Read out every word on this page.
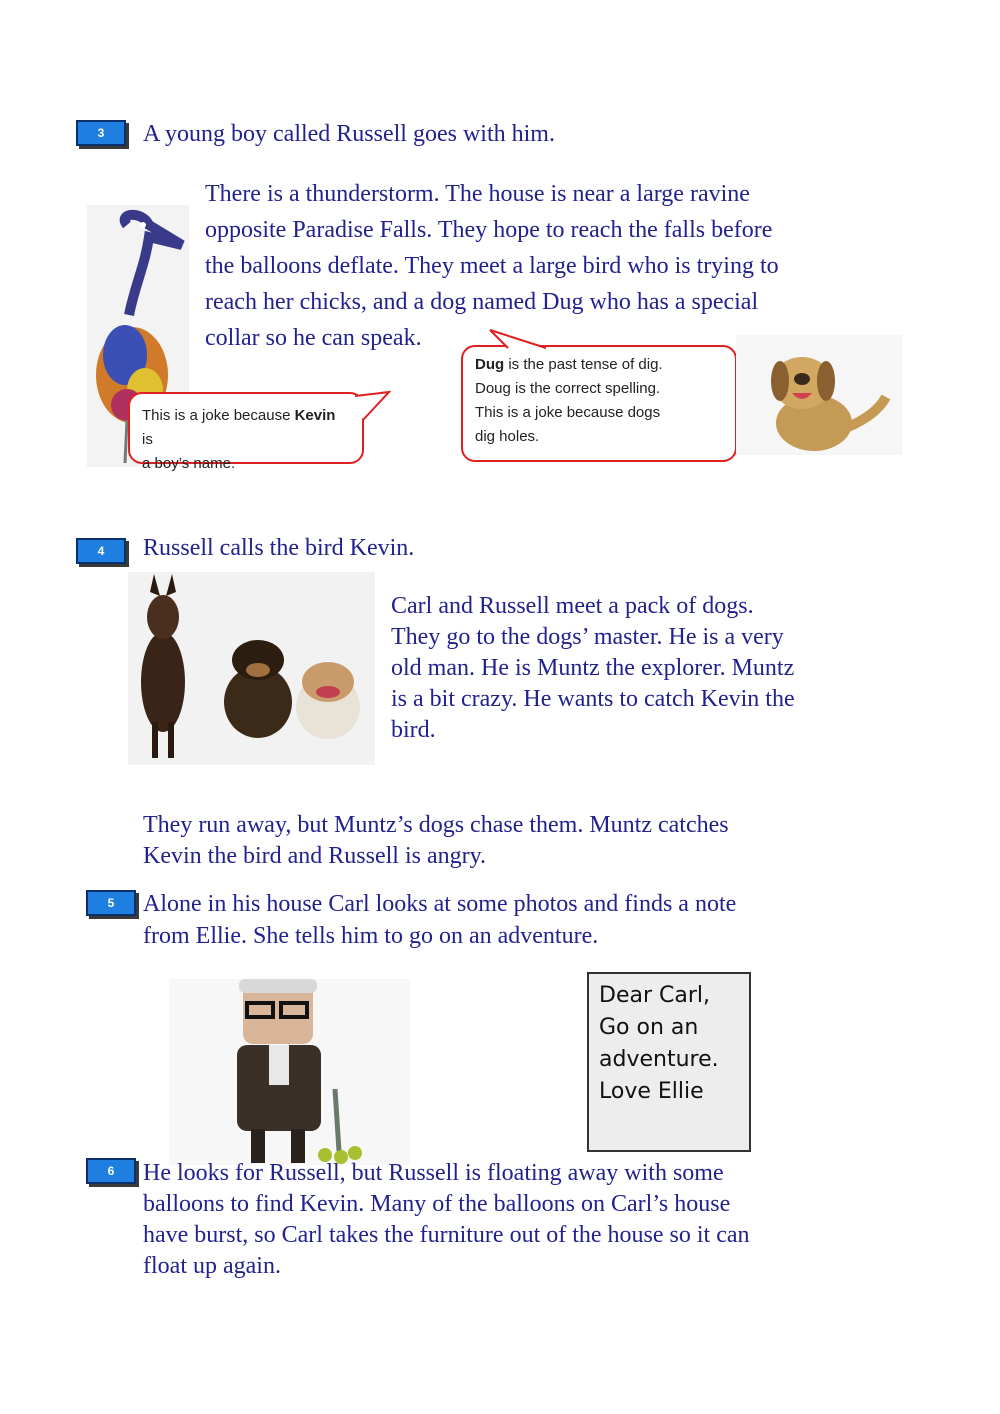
3	A young boy called Russell goes with him.
There is a thunderstorm. The house is near a large ravine
opposite Paradise Falls. They hope to reach the falls before
the balloons deflate. They meet a large bird who is trying to
reach her chicks, and a dog named Dug who has a special
collar so he can speak.
This is a joke because Kevin is
a boy’s name.
Dug is the past tense of dig.
Doug is the correct spelling.
This is a joke because dogs
dig holes.
4	Russell calls the bird Kevin.
Carl and Russell meet a pack of dogs.
They go to the dogs’ master. He is a very
old man. He is Muntz the explorer. Muntz
is a bit crazy. He wants to catch Kevin the
bird.
They run away, but Muntz’s dogs chase them. Muntz catches
Kevin the bird and Russell is angry.
5	Alone in his house Carl looks at some photos and finds a note
from Ellie. She tells him to go on an adventure.
Dear Carl,
Go on an
adventure.
Love Ellie
6	He looks for Russell, but Russell is floating away with some
balloons to find Kevin. Many of the balloons on Carl’s house
have burst, so Carl takes the furniture out of the house so it can
float up again.
